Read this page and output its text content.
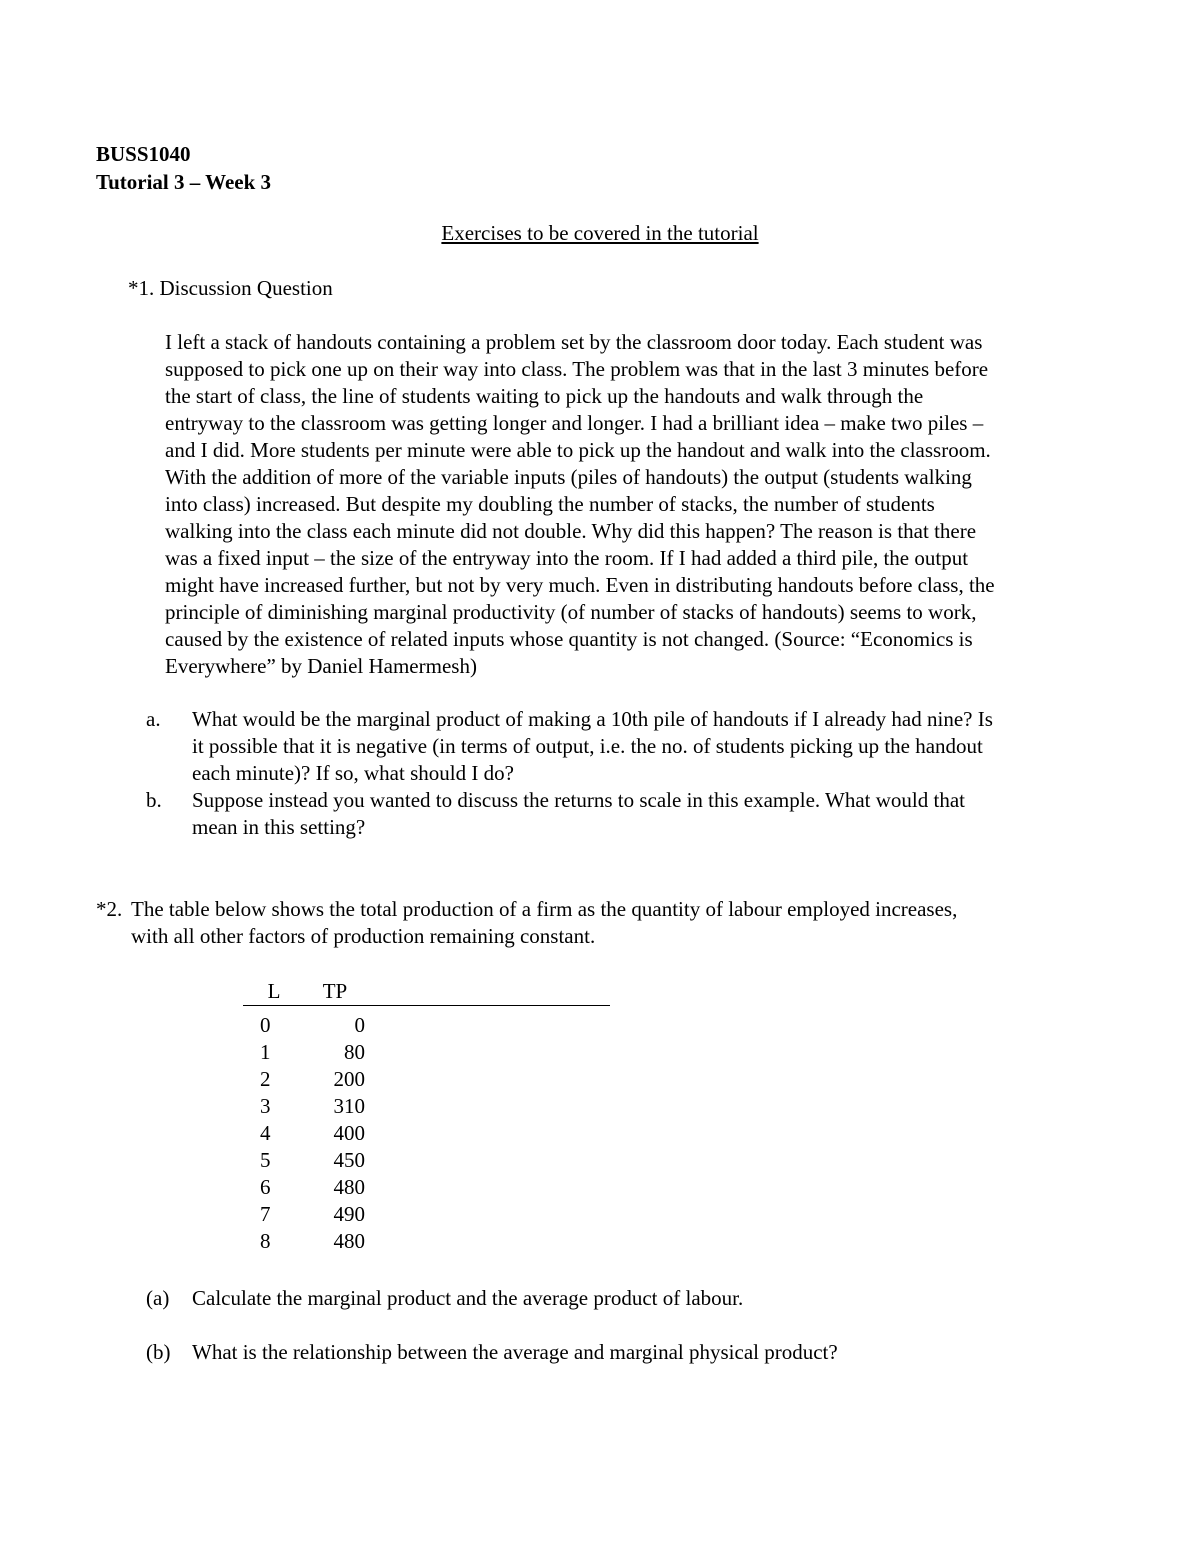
BUSS1040
Tutorial 3 – Week 3
Exercises to be covered in the tutorial
*1. Discussion Question

I left a stack of handouts containing a problem set by the classroom door today. Each student was

supposed to pick one up on their way into class. The problem was that in the last 3 minutes before

the start of class, the line of students waiting to pick up the handouts and walk through the

entryway to the classroom was getting longer and longer. I had a brilliant idea – make two piles –

and I did. More students per minute were able to pick up the handout and walk into the classroom.

With the addition of more of the variable inputs (piles of handouts) the output (students walking

into class) increased. But despite my doubling the number of stacks, the number of students

walking into the class each minute did not double. Why did this happen? The reason is that there

was a fixed input – the size of the entryway into the room. If I had added a third pile, the output

might have increased further, but not by very much. Even in distributing handouts before class, the

principle of diminishing marginal productivity (of number of stacks of handouts) seems to work,

caused by the existence of related inputs whose quantity is not changed. (Source: “Economics is

Everywhere” by Daniel Hamermesh)

a.	What would be the marginal product of making a 10th pile of handouts if I already had nine? Is
it possible that it is negative (in terms of output, i.e. the no. of students picking up the handout
each minute)? If so, what should I do?
b.	Suppose instead you wanted to discuss the returns to scale in this example. What would that
mean in this setting?
*2. The table below shows the total production of a firm as the quantity of labour employed increases,
with all other factors of production remaining constant.
L	TP	
0	0	
1	80	
2	200	
3	310	
4	400	
5	450	
6	480	
7	490	
8	480	
(a)	Calculate the marginal product and the average product of labour.
(b)	What is the relationship between the average and marginal physical product?
